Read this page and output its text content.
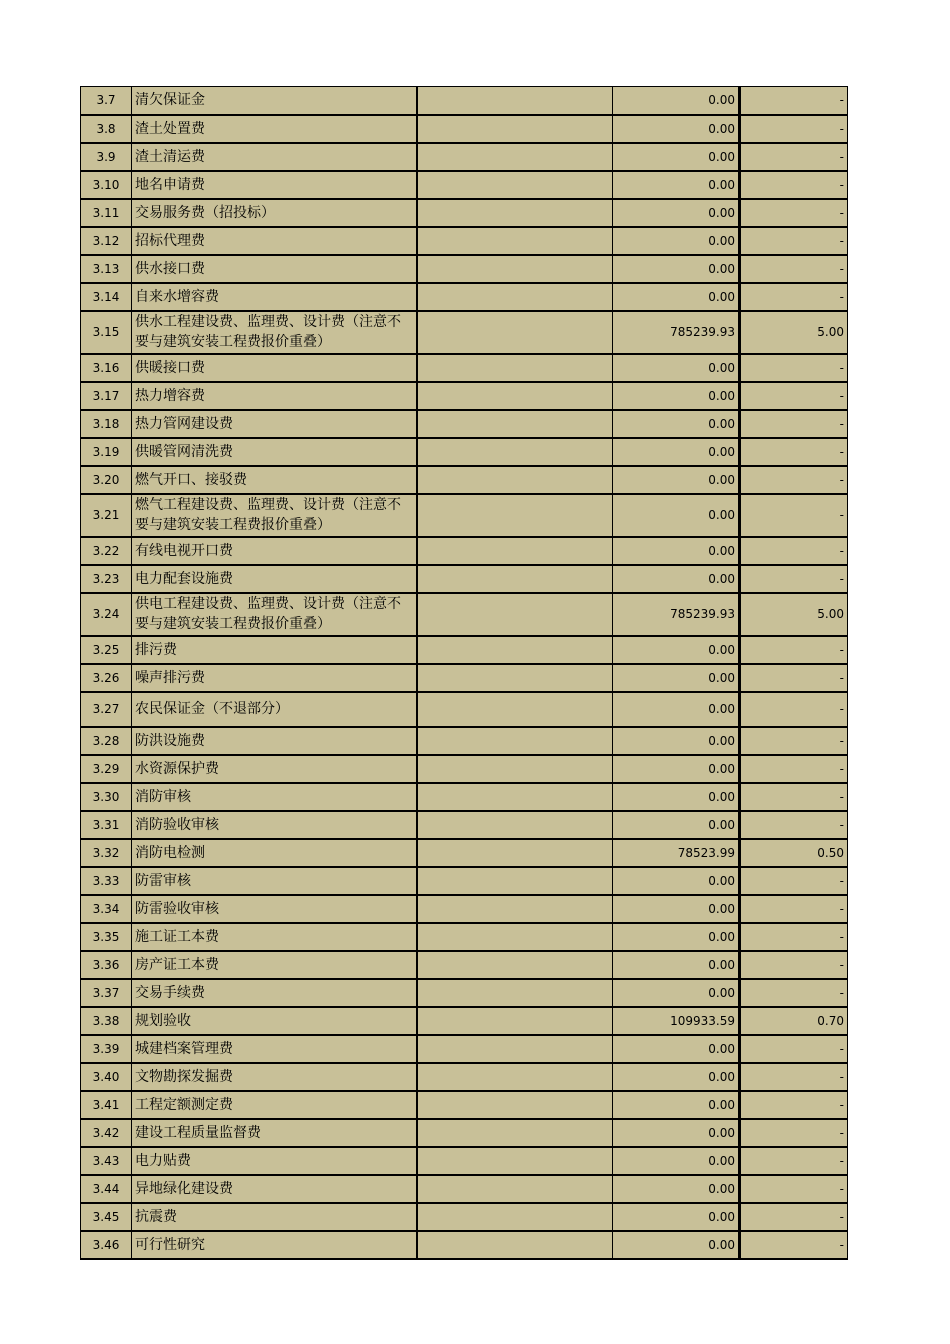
3.7	清欠保证金		0.00	-
3.8	渣土处置费		0.00	-
3.9	渣土清运费		0.00	-
3.10	地名申请费		0.00	-
3.11	交易服务费（招投标）		0.00	-
3.12	招标代理费		0.00	-
3.13	供水接口费		0.00	-
3.14	自来水增容费		0.00	-
3.15	供水工程建设费、监理费、设计费（注意不要与建筑安装工程费报价重叠）		785239.93	5.00
3.16	供暖接口费		0.00	-
3.17	热力增容费		0.00	-
3.18	热力管网建设费		0.00	-
3.19	供暖管网清洗费		0.00	-
3.20	燃气开口、接驳费		0.00	-
3.21	燃气工程建设费、监理费、设计费（注意不要与建筑安装工程费报价重叠）		0.00	-
3.22	有线电视开口费		0.00	-
3.23	电力配套设施费		0.00	-
3.24	供电工程建设费、监理费、设计费（注意不要与建筑安装工程费报价重叠）		785239.93	5.00
3.25	排污费		0.00	-
3.26	噪声排污费		0.00	-
3.27	农民保证金（不退部分）		0.00	-
3.28	防洪设施费		0.00	-
3.29	水资源保护费		0.00	-
3.30	消防审核		0.00	-
3.31	消防验收审核		0.00	-
3.32	消防电检测		78523.99	0.50
3.33	防雷审核		0.00	-
3.34	防雷验收审核		0.00	-
3.35	施工证工本费		0.00	-
3.36	房产证工本费		0.00	-
3.37	交易手续费		0.00	-
3.38	规划验收		109933.59	0.70
3.39	城建档案管理费		0.00	-
3.40	文物勘探发掘费		0.00	-
3.41	工程定额测定费		0.00	-
3.42	建设工程质量监督费		0.00	-
3.43	电力贴费		0.00	-
3.44	异地绿化建设费		0.00	-
3.45	抗震费		0.00	-
3.46	可行性研究		0.00	-
